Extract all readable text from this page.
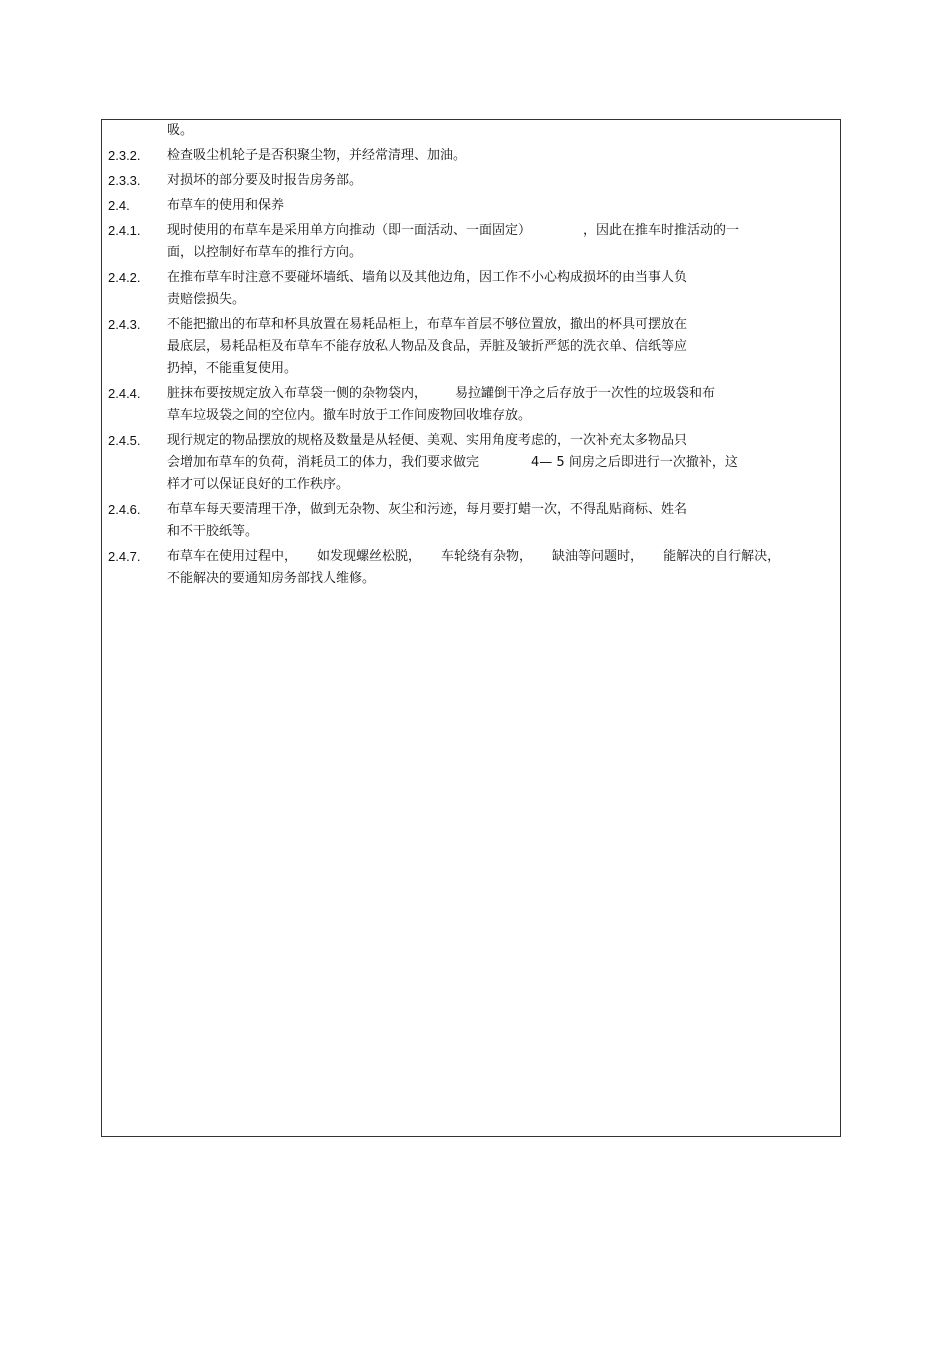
吸。
2.3.2. 检查吸尘机轮子是否积聚尘物，并经常清理、加油。
2.3.3. 对损坏的部分要及时报告房务部。
2.4.	布草车的使用和保养
2.4.1. 现时使用的布草车是采用单方向推动（即一面活动、一面固定）	，因此在推车时推活动的一
面，以控制好布草车的推行方向。
2.4.2. 在推布草车时注意不要碰坏墙纸、墙角以及其他边角，因工作不小心构成损坏的由当事人负
责赔偿损失。
2.4.3. 不能把撤出的布草和杯具放置在易耗品柜上，布草车首层不够位置放，撤出的杯具可摆放在
最底层，易耗品柜及布草车不能存放私人物品及食品，弄脏及皱折严惩的洗衣单、信纸等应
扔掉，不能重复使用。
2.4.4. 脏抹布要按规定放入布草袋一侧的杂物袋内， 易拉罐倒干净之后存放于一次性的垃圾袋和布
草车垃圾袋之间的空位内。撤车时放于工作间废物回收堆存放。
2.4.5. 现行规定的物品摆放的规格及数量是从轻便、美观、实用角度考虑的，一次补充太多物品只
会增加布草车的负荷，消耗员工的体力，我们要求做完	4— 5 间房之后即进行一次撤补，这
样才可以保证良好的工作秩序。
2.4.6. 布草车每天要清理干净，做到无杂物、灰尘和污迹，每月要打蜡一次，不得乱贴商标、姓名
和不干胶纸等。
2.4.7. 布草车在使用过程中， 如发现螺丝松脱， 车轮绕有杂物， 缺油等问题时， 能解决的自行解决，
不能解决的要通知房务部找人维修。
